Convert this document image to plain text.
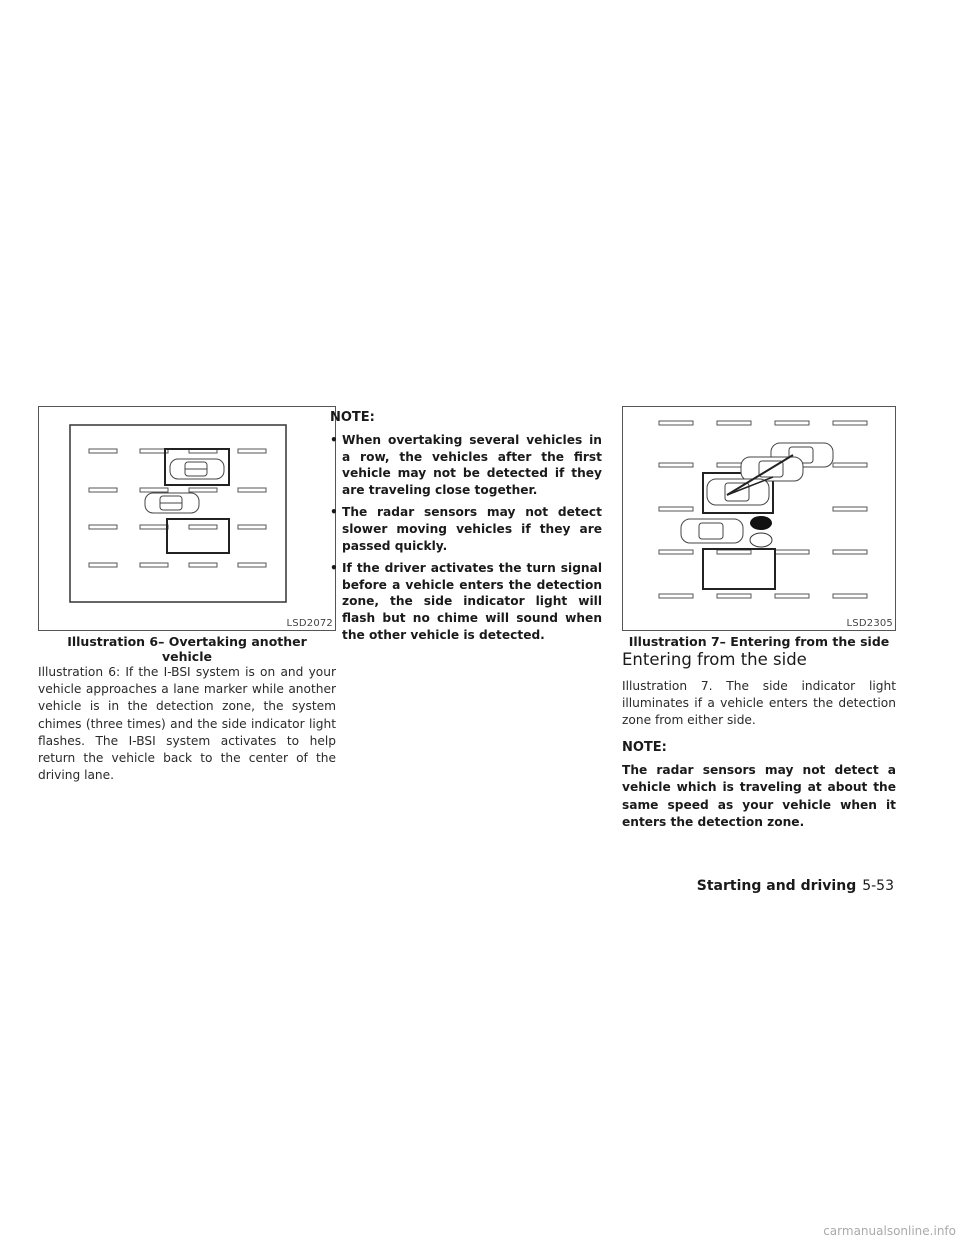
LSD2072
Illustration 6– Overtaking another
vehicle

Illustration 6: If the I-BSI system is on and your vehicle approaches a lane marker while another vehicle is in the detection zone, the system chimes (three times) and the side indicator light flashes. The I-BSI system activates to help return the vehicle back to the center of the driving lane.

NOTE:
• When overtaking several vehicles in a row, the vehicles after the first vehicle may not be detected if they are traveling close together.
• The radar sensors may not detect slower moving vehicles if they are passed quickly.
• If the driver activates the turn signal before a vehicle enters the detection zone, the side indicator light will flash but no chime will sound when the other vehicle is detected.
LSD2305
Illustration 7– Entering from the side
Entering from the side

Illustration 7. The side indicator light illuminates if a vehicle enters the detection zone from either side.

NOTE:

The radar sensors may not detect a vehicle which is traveling at about the same speed as your vehicle when it enters the detection zone.

Starting and driving 5-53
carmanualsonline.info
